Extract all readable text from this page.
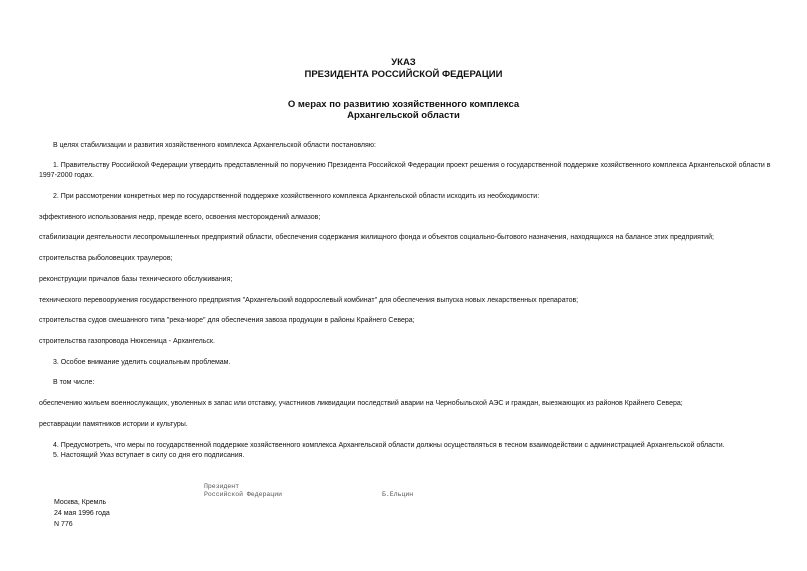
УКАЗ
ПРЕЗИДЕНТА РОССИЙСКОЙ ФЕДЕРАЦИИ
О мерах по развитию хозяйственного комплекса
Архангельской области
В целях стабилизации и развития хозяйственного комплекса Архангельской области постановляю:
1. Правительству Российской Федерации утвердить представленный по поручению Президента Российской Федерации проект решения о государственной поддержке хозяйственного комплекса Архангельской области в 1997-2000 годах.
2. При рассмотрении конкретных мер по государственной поддержке хозяйственного комплекса Архангельской области исходить из необходимости:
эффективного использования недр, прежде всего, освоения месторождений алмазов;
стабилизации деятельности лесопромышленных предприятий области, обеспечения содержания жилищного фонда и объектов социально-бытового назначения, находящихся на балансе этих предприятий;
строительства рыболовецких траулеров;
реконструкции причалов базы технического обслуживания;
технического перевооружения государственного предприятия "Архангельский водорослевый комбинат" для обеспечения выпуска новых лекарственных препаратов;
строительства судов смешанного типа "река-море" для обеспечения завоза продукции в районы Крайнего Севера;
строительства газопровода Нюксеница - Архангельск.
3. Особое внимание уделить социальным проблемам.
В том числе:
обеспечению жильем военнослужащих, уволенных в запас или отставку, участников ликвидации последствий аварии на Чернобыльской АЭС и граждан, выезжающих из районов Крайнего Севера;
реставрации памятников истории и культуры.
4. Предусмотреть, что меры по государственной поддержке хозяйственного комплекса Архангельской области должны осуществляться в тесном взаимодействии с администрацией Архангельской области.
5. Настоящий Указ вступает в силу со дня его подписания.
Президент
Российской Федерации	Б.Ельцин
Москва, Кремль
24 мая 1996 года
N 776
